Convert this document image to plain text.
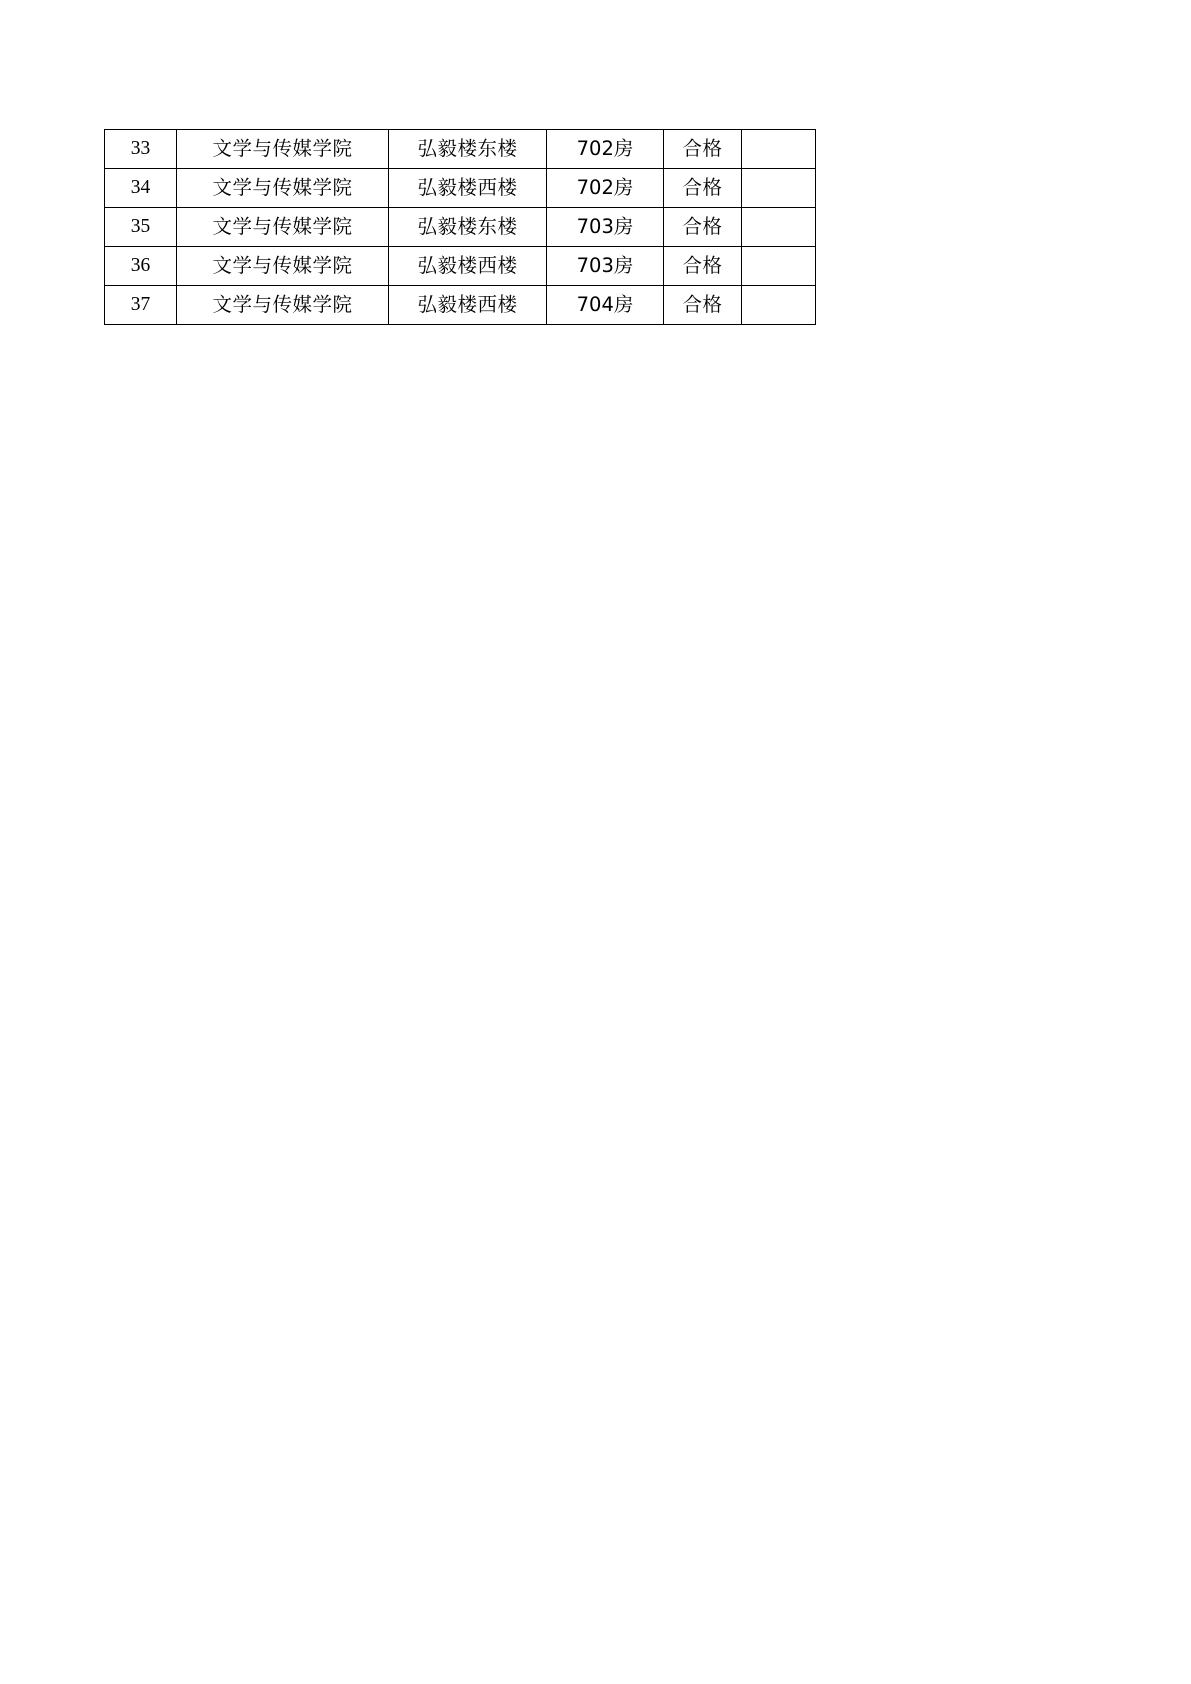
33	文学与传媒学院	弘毅楼东楼	702房	合格	
34	文学与传媒学院	弘毅楼西楼	702房	合格	
35	文学与传媒学院	弘毅楼东楼	703房	合格	
36	文学与传媒学院	弘毅楼西楼	703房	合格	
37	文学与传媒学院	弘毅楼西楼	704房	合格	
